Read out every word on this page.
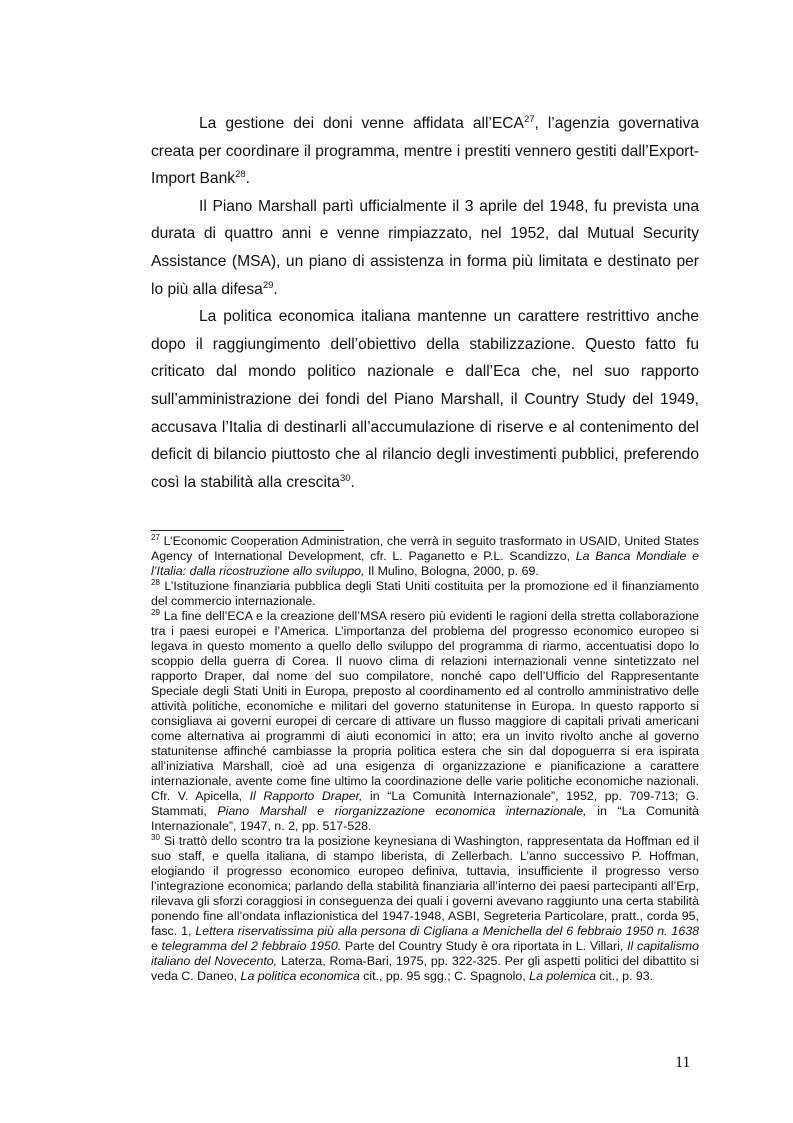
La gestione dei doni venne affidata all’ECA$^{27}$, l’agenzia governativa creata per coordinare il programma, mentre i prestiti vennero gestiti dall’Export-Import Bank$^{28}$.

Il Piano Marshall partì ufficialmente il 3 aprile del 1948, fu prevista una durata di quattro anni e venne rimpiazzato, nel 1952, dal Mutual Security Assistance (MSA), un piano di assistenza in forma più limitata e destinato per lo più alla difesa$^{29}$.

La politica economica italiana mantenne un carattere restrittivo anche dopo il raggiungimento dell’obiettivo della stabilizzazione. Questo fatto fu criticato dal mondo politico nazionale e dall’Eca che, nel suo rapporto sull’amministrazione dei fondi del Piano Marshall, il Country Study del 1949, accusava l’Italia di destinarli all’accumulazione di riserve e al contenimento del deficit di bilancio piuttosto che al rilancio degli investimenti pubblici, preferendo così la stabilità alla crescita$^{30}$.

$^{27}$ L’Economic Cooperation Administration, che verrà in seguito trasformato in USAID, United States Agency of International Development, cfr. L. Paganetto e P.L. Scandizzo, La Banca Mondiale e l’Italia: dalla ricostruzione allo sviluppo, Il Mulino, Bologna, 2000, p. 69.

$^{28}$ L’Istituzione finanziaria pubblica degli Stati Uniti costituita per la promozione ed il finanziamento del commercio internazionale.

$^{29}$ La fine dell’ECA e la creazione dell’MSA resero più evidenti le ragioni della stretta collaborazione tra i paesi europei e l’America. L’importanza del problema del progresso economico europeo si legava in questo momento a quello dello sviluppo del programma di riarmo, accentuatisi dopo lo scoppio della guerra di Corea. Il nuovo clima di relazioni internazionali venne sintetizzato nel rapporto Draper, dal nome del suo compilatore, nonché capo dell’Ufficio del Rappresentante Speciale degli Stati Uniti in Europa, preposto al coordinamento ed al controllo amministrativo delle attività politiche, economiche e militari del governo statunitense in Europa. In questo rapporto si consigliava ai governi europei di cercare di attivare un flusso maggiore di capitali privati americani come alternativa ai programmi di aiuti economici in atto; era un invito rivolto anche al governo statunitense affinché cambiasse la propria politica estera che sin dal dopoguerra si era ispirata all’iniziativa Marshall, cioè ad una esigenza di organizzazione e pianificazione a carattere internazionale, avente come fine ultimo la coordinazione delle varie politiche economiche nazionali. Cfr. V. Apicella, Il Rapporto Draper, in “La Comunità Internazionale”, 1952, pp. 709-713; G. Stammati, Piano Marshall e riorganizzazione economica internazionale, in “La Comunità Internazionale”, 1947, n. 2, pp. 517-528.

$^{30}$ Si trattò dello scontro tra la posizione keynesiana di Washington, rappresentata da Hoffman ed il suo staff, e quella italiana, di stampo liberista, di Zellerbach. L’anno successivo P. Hoffman, elogiando il progresso economico europeo definiva, tuttavia, insufficiente il progresso verso l’integrazione economica; parlando della stabilità finanziaria all’interno dei paesi partecipanti all’Erp, rilevava gli sforzi coraggiosi in conseguenza dei quali i governi avevano raggiunto una certa stabilità ponendo fine all’ondata inflazionistica del 1947-1948, ASBI, Segreteria Particolare, pratt., corda 95, fasc. 1, Lettera riservatissima più alla persona di Cigliana a Menichella del 6 febbraio 1950 n. 1638 e telegramma del 2 febbraio 1950. Parte del Country Study è ora riportata in L. Villari, Il capitalismo italiano del Novecento, Laterza, Roma-Bari, 1975, pp. 322-325. Per gli aspetti politici del dibattito si veda C. Daneo, La politica economica cit., pp. 95 sgg.; C. Spagnolo, La polemica cit., p. 93.

11
